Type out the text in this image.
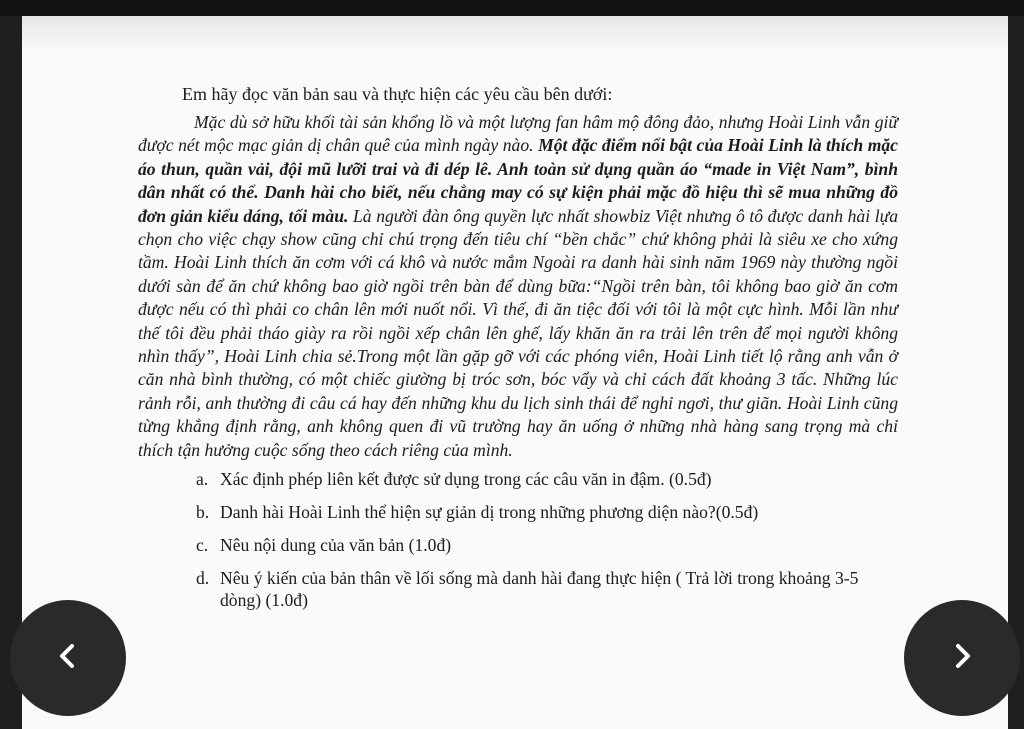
Em hãy đọc văn bản sau và thực hiện các yêu cầu bên dưới:

Mặc dù sở hữu khối tài sản khổng lồ và một lượng fan hâm mộ đông đảo, nhưng Hoài Linh vẫn giữ được nét mộc mạc giản dị chân quê của mình ngày nào. Một đặc điểm nổi bật của Hoài Linh là thích mặc áo thun, quần vải, đội mũ lưỡi trai và đi dép lê. Anh toàn sử dụng quần áo “made in Việt Nam”, bình dân nhất có thể. Danh hài cho biết, nếu chẳng may có sự kiện phải mặc đồ hiệu thì sẽ mua những đồ đơn giản kiểu dáng, tối màu. Là người đàn ông quyền lực nhất showbiz Việt nhưng ô tô được danh hài lựa chọn cho việc chạy show cũng chỉ chú trọng đến tiêu chí “bền chắc” chứ không phải là siêu xe cho xứng tầm. Hoài Linh thích ăn cơm với cá khô và nước mắm Ngoài ra danh hài sinh năm 1969 này thường ngồi dưới sàn để ăn chứ không bao giờ ngồi trên bàn để dùng bữa:“Ngồi trên bàn, tôi không bao giờ ăn cơm được nếu có thì phải co chân lên mới nuốt nổi. Vì thế, đi ăn tiệc đối với tôi là một cực hình. Mỗi lần như thế tôi đều phải tháo giày ra rồi ngồi xếp chân lên ghế, lấy khăn ăn ra trải lên trên để mọi người không nhìn thấy”, Hoài Linh chia sẻ.Trong một lần gặp gỡ với các phóng viên, Hoài Linh tiết lộ rằng anh vẫn ở căn nhà bình thường, có một chiếc giường bị tróc sơn, bóc vẩy và chỉ cách đất khoảng 3 tấc. Những lúc rảnh rỗi, anh thường đi câu cá hay đến những khu du lịch sinh thái để nghỉ ngơi, thư giãn. Hoài Linh cũng từng khẳng định rằng, anh không quen đi vũ trường hay ăn uống ở những nhà hàng sang trọng mà chỉ thích tận hưởng cuộc sống theo cách riêng của mình.

a. Xác định phép liên kết được sử dụng trong các câu văn in đậm. (0.5đ)
b. Danh hài Hoài Linh thể hiện sự giản dị trong những phương diện nào?(0.5đ)
c. Nêu nội dung của văn bản (1.0đ)
d. Nêu ý kiến của bản thân về lối sống mà danh hài đang thực hiện ( Trả lời trong khoảng 3-5 dòng) (1.0đ)
